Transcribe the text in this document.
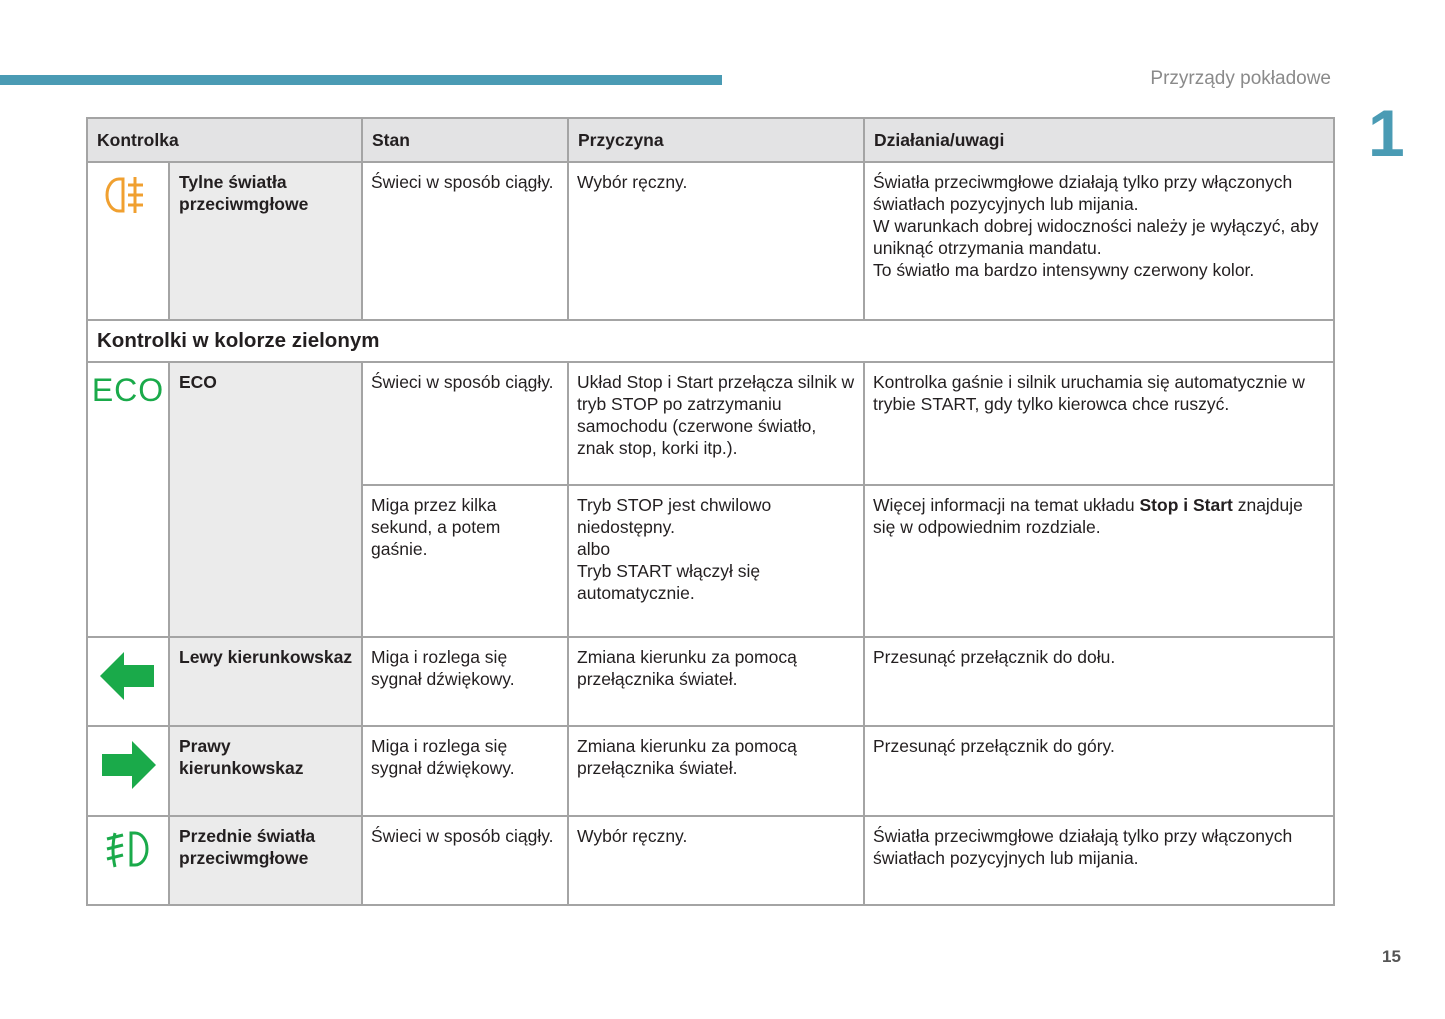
Przyrządy pokładowe
1
Kontrolka		Stan	Przyczyna	Działania/uwagi
	Tylne światła przeciwmgłowe	Świeci w sposób ciągły.	Wybór ręczny.	Światła przeciwmgłowe działają tylko przy włączonych światłach pozycyjnych lub mijania.
W warunkach dobrej widoczności należy je wyłączyć, aby uniknąć otrzymania mandatu.
To światło ma bardzo intensywny czerwony kolor.
Kontrolki w kolorze zielonym				
ECO	ECO	Świeci w sposób ciągły.	Układ Stop i Start przełącza silnik w tryb STOP po zatrzymaniu samochodu (czerwone światło, znak stop, korki itp.).	Kontrolka gaśnie i silnik uruchamia się automatycznie w trybie START, gdy tylko kierowca chce ruszyć.
		Miga przez kilka sekund, a potem gaśnie.	Tryb STOP jest chwilowo niedostępny.
albo
Tryb START włączył się automatycznie.	Więcej informacji na temat układu Stop i Start znajduje się w odpowiednim rozdziale.
	Lewy kierunkowskaz	Miga i rozlega się sygnał dźwiękowy.	Zmiana kierunku za pomocą przełącznika świateł.	Przesunąć przełącznik do dołu.
	Prawy kierunkowskaz	Miga i rozlega się sygnał dźwiękowy.	Zmiana kierunku za pomocą przełącznika świateł.	Przesunąć przełącznik do góry.
	Przednie światła przeciwmgłowe	Świeci w sposób ciągły.	Wybór ręczny.	Światła przeciwmgłowe działają tylko przy włączonych światłach pozycyjnych lub mijania.
15
